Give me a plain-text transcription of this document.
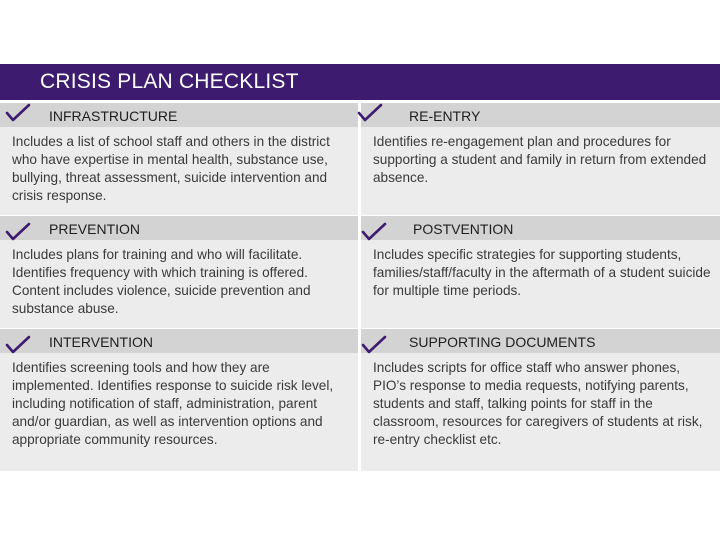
CRISIS PLAN CHECKLIST
INFRASTRUCTURE
Includes a list of school staff and others in the district who have expertise in mental health, substance use, bullying, threat assessment, suicide intervention and crisis response.
RE-ENTRY
Identifies re-engagement plan and procedures for supporting a student and family in return from extended absence.
PREVENTION
Includes plans for training and who will facilitate. Identifies frequency with which training is offered. Content includes violence, suicide prevention and substance abuse.
POSTVENTION
Includes specific strategies for supporting students, families/staff/faculty in the aftermath of a student suicide for multiple time periods.
INTERVENTION
Identifies screening tools and how they are implemented. Identifies response to suicide risk level, including notification of staff, administration, parent and/or guardian, as well as intervention options and appropriate community resources.
SUPPORTING DOCUMENTS
Includes scripts for office staff who answer phones, PIO’s response to media requests, notifying parents, students and staff, talking points for staff in the classroom, resources for caregivers of students at risk, re-entry checklist etc.
